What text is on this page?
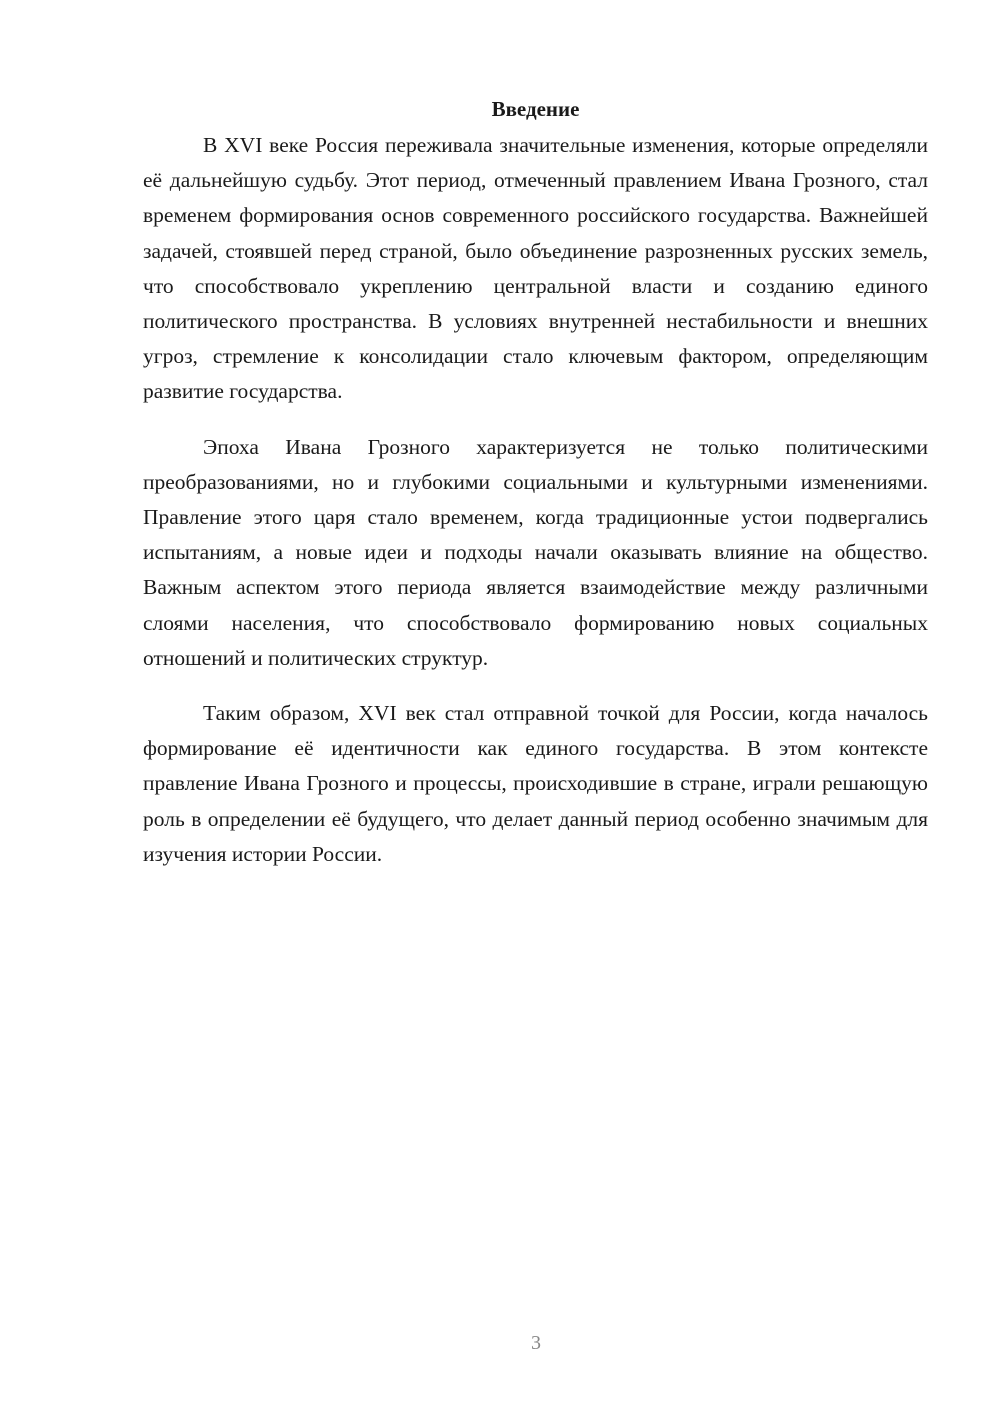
Введение

В XVI веке Россия переживала значительные изменения, которые определяли её дальнейшую судьбу. Этот период, отмеченный правлением Ивана Грозного, стал временем формирования основ современного российского государства. Важнейшей задачей, стоявшей перед страной, было объединение разрозненных русских земель, что способствовало укреплению центральной власти и созданию единого политического пространства. В условиях внутренней нестабильности и внешних угроз, стремление к консолидации стало ключевым фактором, определяющим развитие государства.

Эпоха Ивана Грозного характеризуется не только политическими преобразованиями, но и глубокими социальными и культурными изменениями. Правление этого царя стало временем, когда традиционные устои подвергались испытаниям, а новые идеи и подходы начали оказывать влияние на общество. Важным аспектом этого периода является взаимодействие между различными слоями населения, что способствовало формированию новых социальных отношений и политических структур.

Таким образом, XVI век стал отправной точкой для России, когда началось формирование её идентичности как единого государства. В этом контексте правление Ивана Грозного и процессы, происходившие в стране, играли решающую роль в определении её будущего, что делает данный период особенно значимым для изучения истории России.

3
